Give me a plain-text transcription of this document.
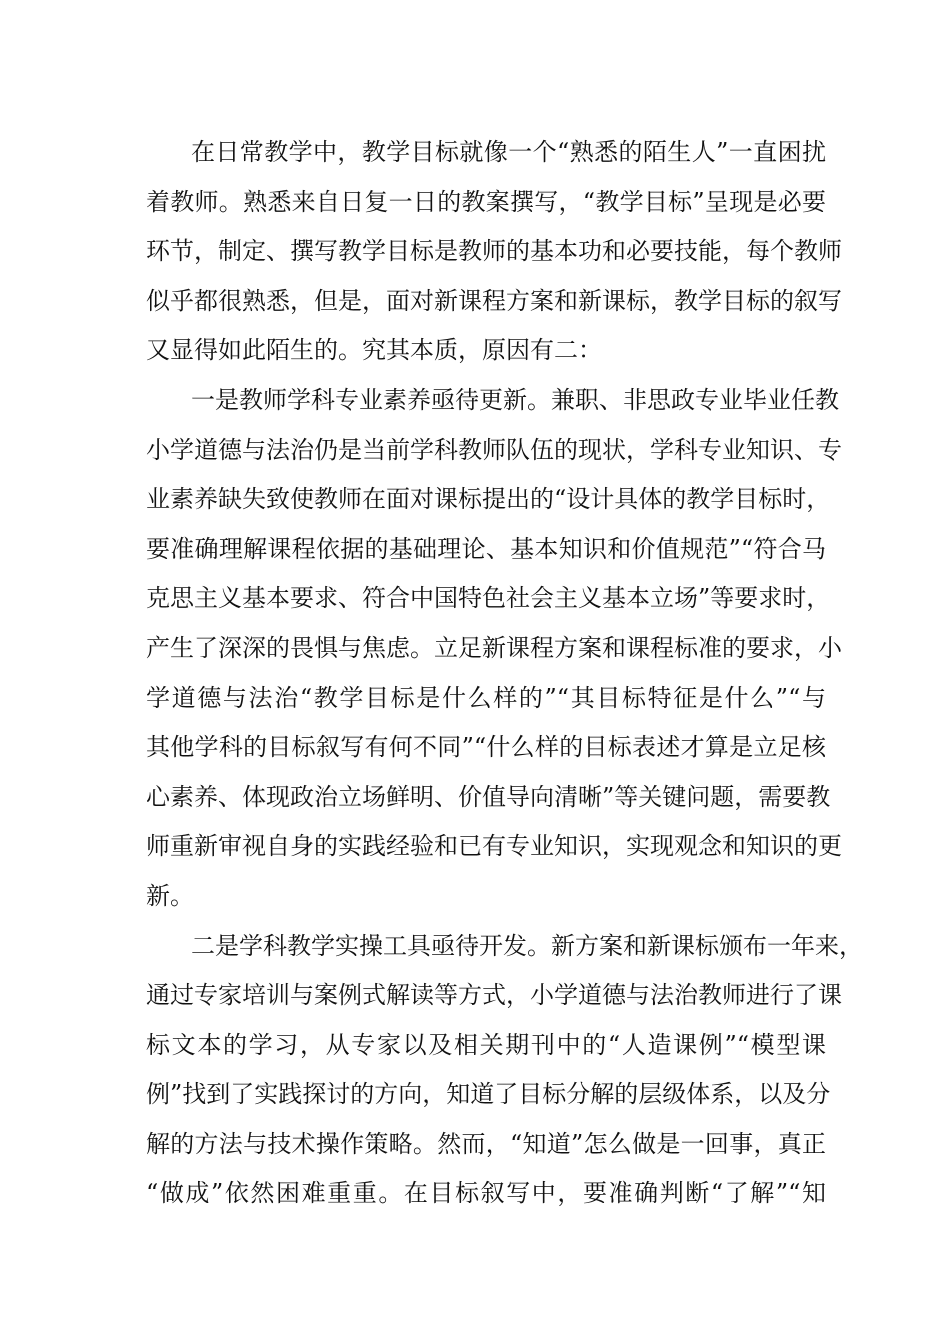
在日常教学中，教学目标就像一个“熟悉的陌生人”一直困扰
着教师。熟悉来自日复一日的教案撰写，“教学目标”呈现是必要
环节，制定、撰写教学目标是教师的基本功和必要技能，每个教师
似乎都很熟悉，但是，面对新课程方案和新课标，教学目标的叙写
又显得如此陌生的。究其本质，原因有二：
一是教师学科专业素养亟待更新。兼职、非思政专业毕业任教
小学道德与法治仍是当前学科教师队伍的现状，学科专业知识、专
业素养缺失致使教师在面对课标提出的“设计具体的教学目标时，
要准确理解课程依据的基础理论、基本知识和价值规范”“符合马
克思主义基本要求、符合中国特色社会主义基本立场”等要求时，
产生了深深的畏惧与焦虑。立足新课程方案和课程标准的要求，小
学道德与法治“教学目标是什么样的”“其目标特征是什么”“与
其他学科的目标叙写有何不同”“什么样的目标表述才算是立足核
心素养、体现政治立场鲜明、价值导向清晰”等关键问题，需要教
师重新审视自身的实践经验和已有专业知识，实现观念和知识的更
新。
二是学科教学实操工具亟待开发。新方案和新课标颁布一年来，
通过专家培训与案例式解读等方式，小学道德与法治教师进行了课
标文本的学习，从专家以及相关期刊中的“人造课例”“模型课
例”找到了实践探讨的方向，知道了目标分解的层级体系，以及分
解的方法与技术操作策略。然而，“知道”怎么做是一回事，真正
“做成”依然困难重重。在目标叙写中，要准确判断“了解”“知
